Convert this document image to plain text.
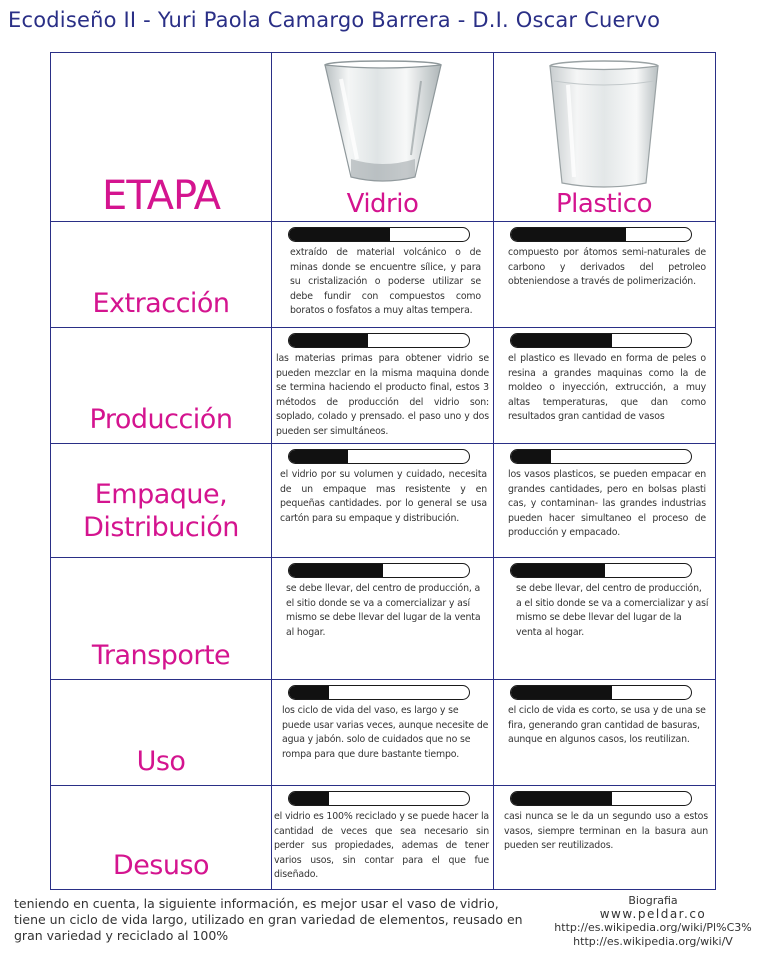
Ecodiseño II - Yuri Paola Camargo Barrera - D.I. Oscar Cuervo
ETAPA	Vidrio	Plastico
Extracción
extraído de material volcánico o de minas donde se encuentre sílice, y para su cristalización o poderse utilizar se debe fundir con compuestos como boratos o fosfatos a muy altas tempera.
compuesto por átomos semi-naturales de carbono y derivados del petroleo obteniendose a través de polimerización.
Producción
las materias primas para obtener vidrio se pueden mezclar en la misma maquina donde se termina haciendo el producto final, estos 3 métodos de producción del vidrio son: soplado, colado y prensado. el paso uno y dos pueden ser simultáneos.
el plastico es llevado en forma de peles o resina a grandes maquinas como la de moldeo o inyección, extrucción, a muy altas temperaturas, que dan como resultados gran cantidad de vasos
Empaque, Distribución
el vidrio por su volumen y cuidado, necesita de un empaque mas resistente y en pequeñas cantidades. por lo general se usa cartón para su empaque y distribución.
los vasos plasticos, se pueden empacar en grandes cantidades, pero en bolsas plasti cas, y contaminan- las grandes industrias pueden hacer simultaneo el proceso de producción y empacado.
Transporte
se debe llevar, del centro de producción, a el sitio donde se va a comercializar y así mismo se debe llevar del lugar de la venta al hogar.
se debe llevar, del centro de producción, a el sitio donde se va a comercializar y así mismo se debe llevar del lugar de la venta al hogar.
Uso
los ciclo de vida del vaso, es largo y se puede usar varias veces, aunque necesite de agua y jabón. solo de cuidados que no se rompa para que dure bastante tiempo.
el ciclo de vida es corto, se usa y de una se fira, generando gran cantidad de basuras, aunque en algunos casos, los reutilizan.
Desuso
el vidrio es 100% reciclado y se puede hacer la cantidad de veces que sea necesario sin perder sus propiedades, ademas de tener varios usos, sin contar para el que fue diseñado.
casi nunca se le da un segundo uso a estos vasos, siempre terminan en la basura aun pueden ser reutilizados.
teniendo en cuenta, la siguiente información, es mejor usar el vaso de vidrio, tiene un ciclo de vida largo, utilizado en gran variedad de elementos, reusado en gran variedad y reciclado al 100%
Biografia
www.peldar.co
http://es.wikipedia.org/wiki/Pl%C3%
http://es.wikipedia.org/wiki/V
